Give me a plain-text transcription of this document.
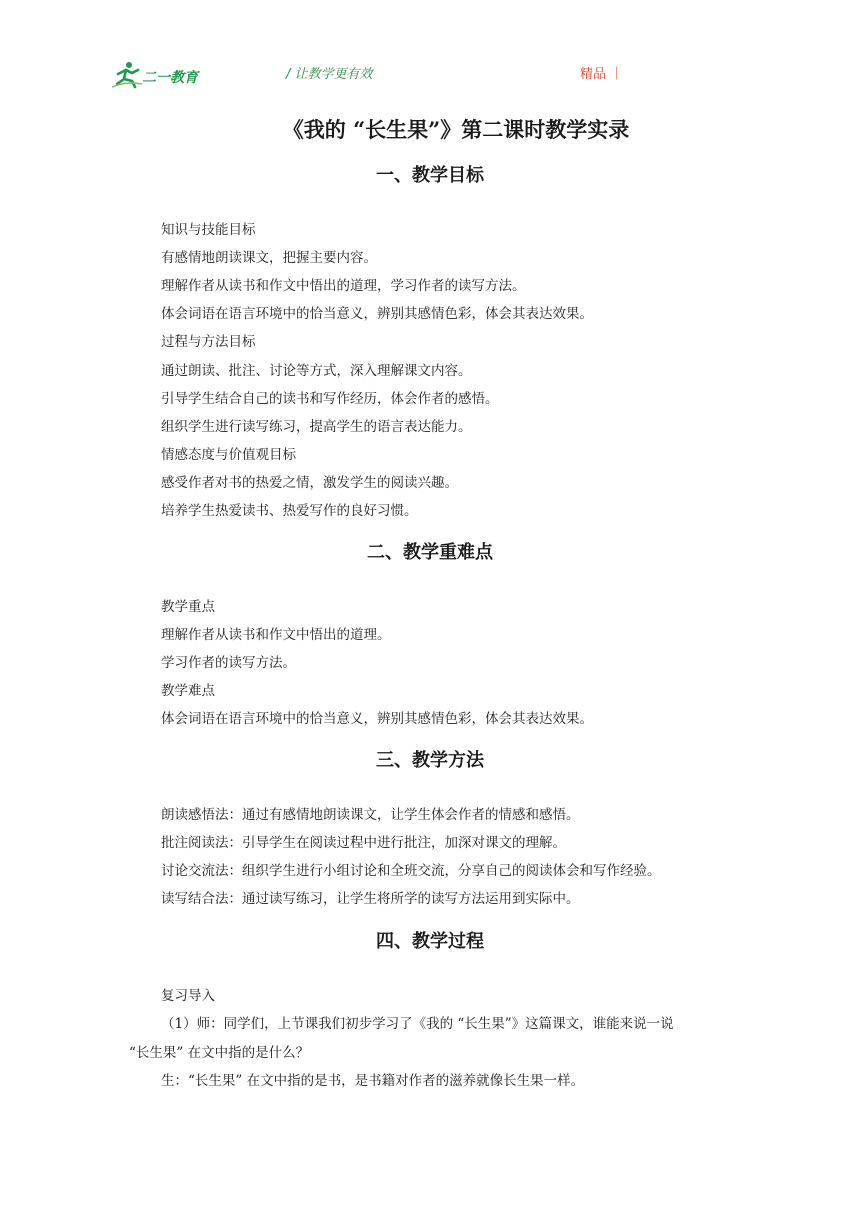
二一教育	/ 让教学更有效	精品 ｜
《我的 “长生果”》第二课时教学实录
一、教学目标
知识与技能目标
有感情地朗读课文，把握主要内容。
理解作者从读书和作文中悟出的道理，学习作者的读写方法。
体会词语在语言环境中的恰当意义，辨别其感情色彩，体会其表达效果。
过程与方法目标
通过朗读、批注、讨论等方式，深入理解课文内容。
引导学生结合自己的读书和写作经历，体会作者的感悟。
组织学生进行读写练习，提高学生的语言表达能力。
情感态度与价值观目标
感受作者对书的热爱之情，激发学生的阅读兴趣。
培养学生热爱读书、热爱写作的良好习惯。
二、教学重难点
教学重点
理解作者从读书和作文中悟出的道理。
学习作者的读写方法。
教学难点
体会词语在语言环境中的恰当意义，辨别其感情色彩，体会其表达效果。
三、教学方法
朗读感悟法：通过有感情地朗读课文，让学生体会作者的情感和感悟。
批注阅读法：引导学生在阅读过程中进行批注，加深对课文的理解。
讨论交流法：组织学生进行小组讨论和全班交流，分享自己的阅读体会和写作经验。
读写结合法：通过读写练习，让学生将所学的读写方法运用到实际中。
四、教学过程
复习导入
（1）师：同学们，上节课我们初步学习了《我的 “长生果”》这篇课文，谁能来说一说
“长生果” 在文中指的是什么？
生：“长生果” 在文中指的是书，是书籍对作者的滋养就像长生果一样。
